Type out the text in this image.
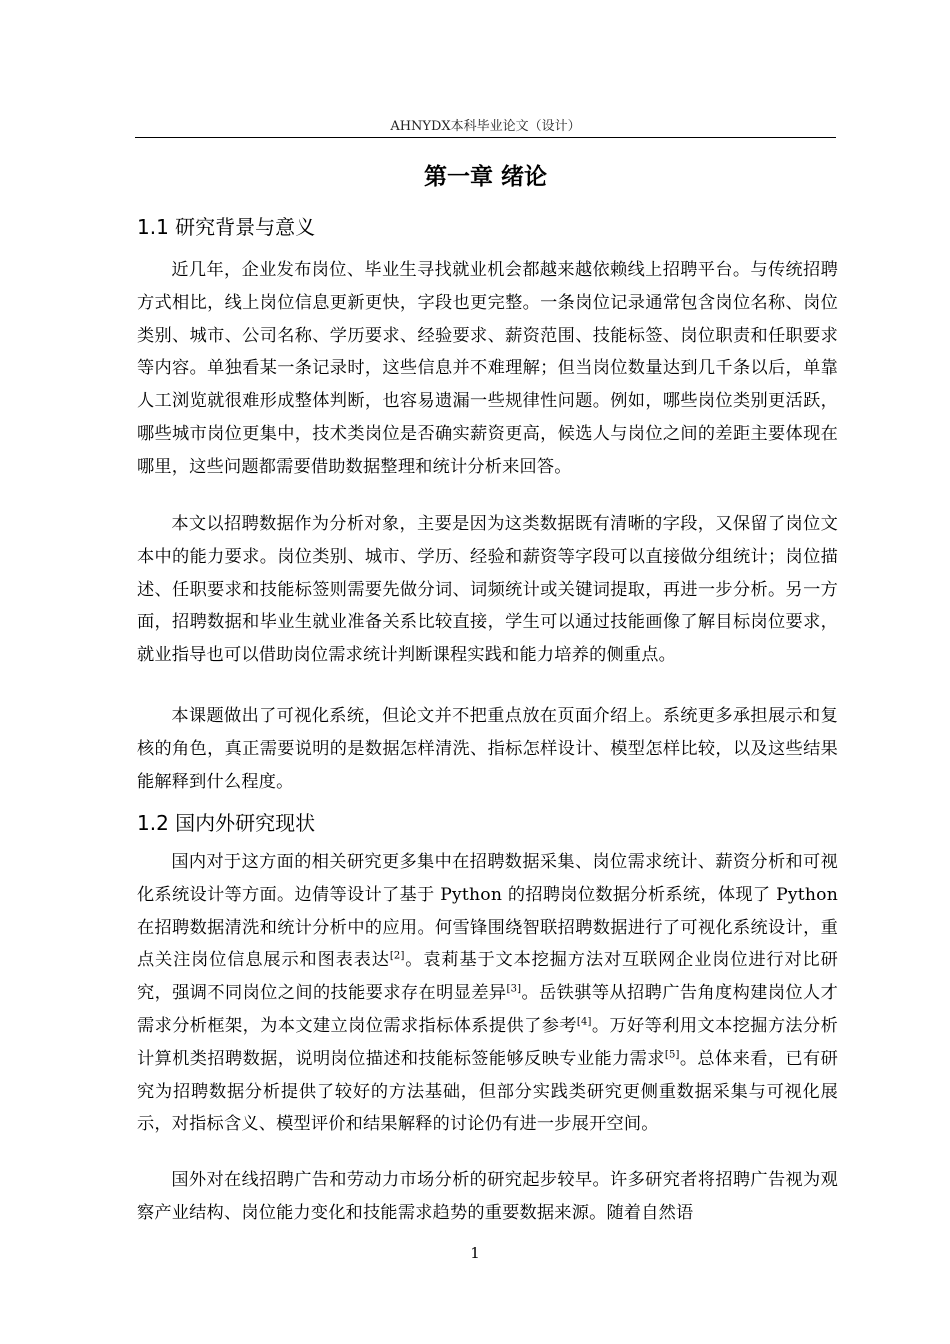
AHNYDX本科毕业论文（设计）
第一章 绪论
1.1 研究背景与意义

近几年，企业发布岗位、毕业生寻找就业机会都越来越依赖线上招聘平台。与传统招聘方式相比，线上岗位信息更新更快，字段也更完整。一条岗位记录通常包含岗位名称、岗位类别、城市、公司名称、学历要求、经验要求、薪资范围、技能标签、岗位职责和任职要求等内容。单独看某一条记录时，这些信息并不难理解；但当岗位数量达到几千条以后，单靠人工浏览就很难形成整体判断，也容易遗漏一些规律性问题。例如，哪些岗位类别更活跃，哪些城市岗位更集中，技术类岗位是否确实薪资更高，候选人与岗位之间的差距主要体现在哪里，这些问题都需要借助数据整理和统计分析来回答。

本文以招聘数据作为分析对象，主要是因为这类数据既有清晰的字段，又保留了岗位文本中的能力要求。岗位类别、城市、学历、经验和薪资等字段可以直接做分组统计；岗位描述、任职要求和技能标签则需要先做分词、词频统计或关键词提取，再进一步分析。另一方面，招聘数据和毕业生就业准备关系比较直接，学生可以通过技能画像了解目标岗位要求，就业指导也可以借助岗位需求统计判断课程实践和能力培养的侧重点。

本课题做出了可视化系统，但论文并不把重点放在页面介绍上。系统更多承担展示和复核的角色，真正需要说明的是数据怎样清洗、指标怎样设计、模型怎样比较，以及这些结果能解释到什么程度。

1.2 国内外研究现状

国内对于这方面的相关研究更多集中在招聘数据采集、岗位需求统计、薪资分析和可视化系统设计等方面。边倩等设计了基于 Python 的招聘岗位数据分析系统，体现了 Python 在招聘数据清洗和统计分析中的应用。何雪锋围绕智联招聘数据进行了可视化系统设计，重点关注岗位信息展示和图表表达[2]。袁莉基于文本挖掘方法对互联网企业岗位进行对比研究，强调不同岗位之间的技能要求存在明显差异[3]。岳铁骐等从招聘广告角度构建岗位人才需求分析框架，为本文建立岗位需求指标体系提供了参考[4]。万好等利用文本挖掘方法分析计算机类招聘数据，说明岗位描述和技能标签能够反映专业能力需求[5]。总体来看，已有研究为招聘数据分析提供了较好的方法基础，但部分实践类研究更侧重数据采集与可视化展示，对指标含义、模型评价和结果解释的讨论仍有进一步展开空间。

国外对在线招聘广告和劳动力市场分析的研究起步较早。许多研究者将招聘广告视为观察产业结构、岗位能力变化和技能需求趋势的重要数据来源。随着自然语

1
